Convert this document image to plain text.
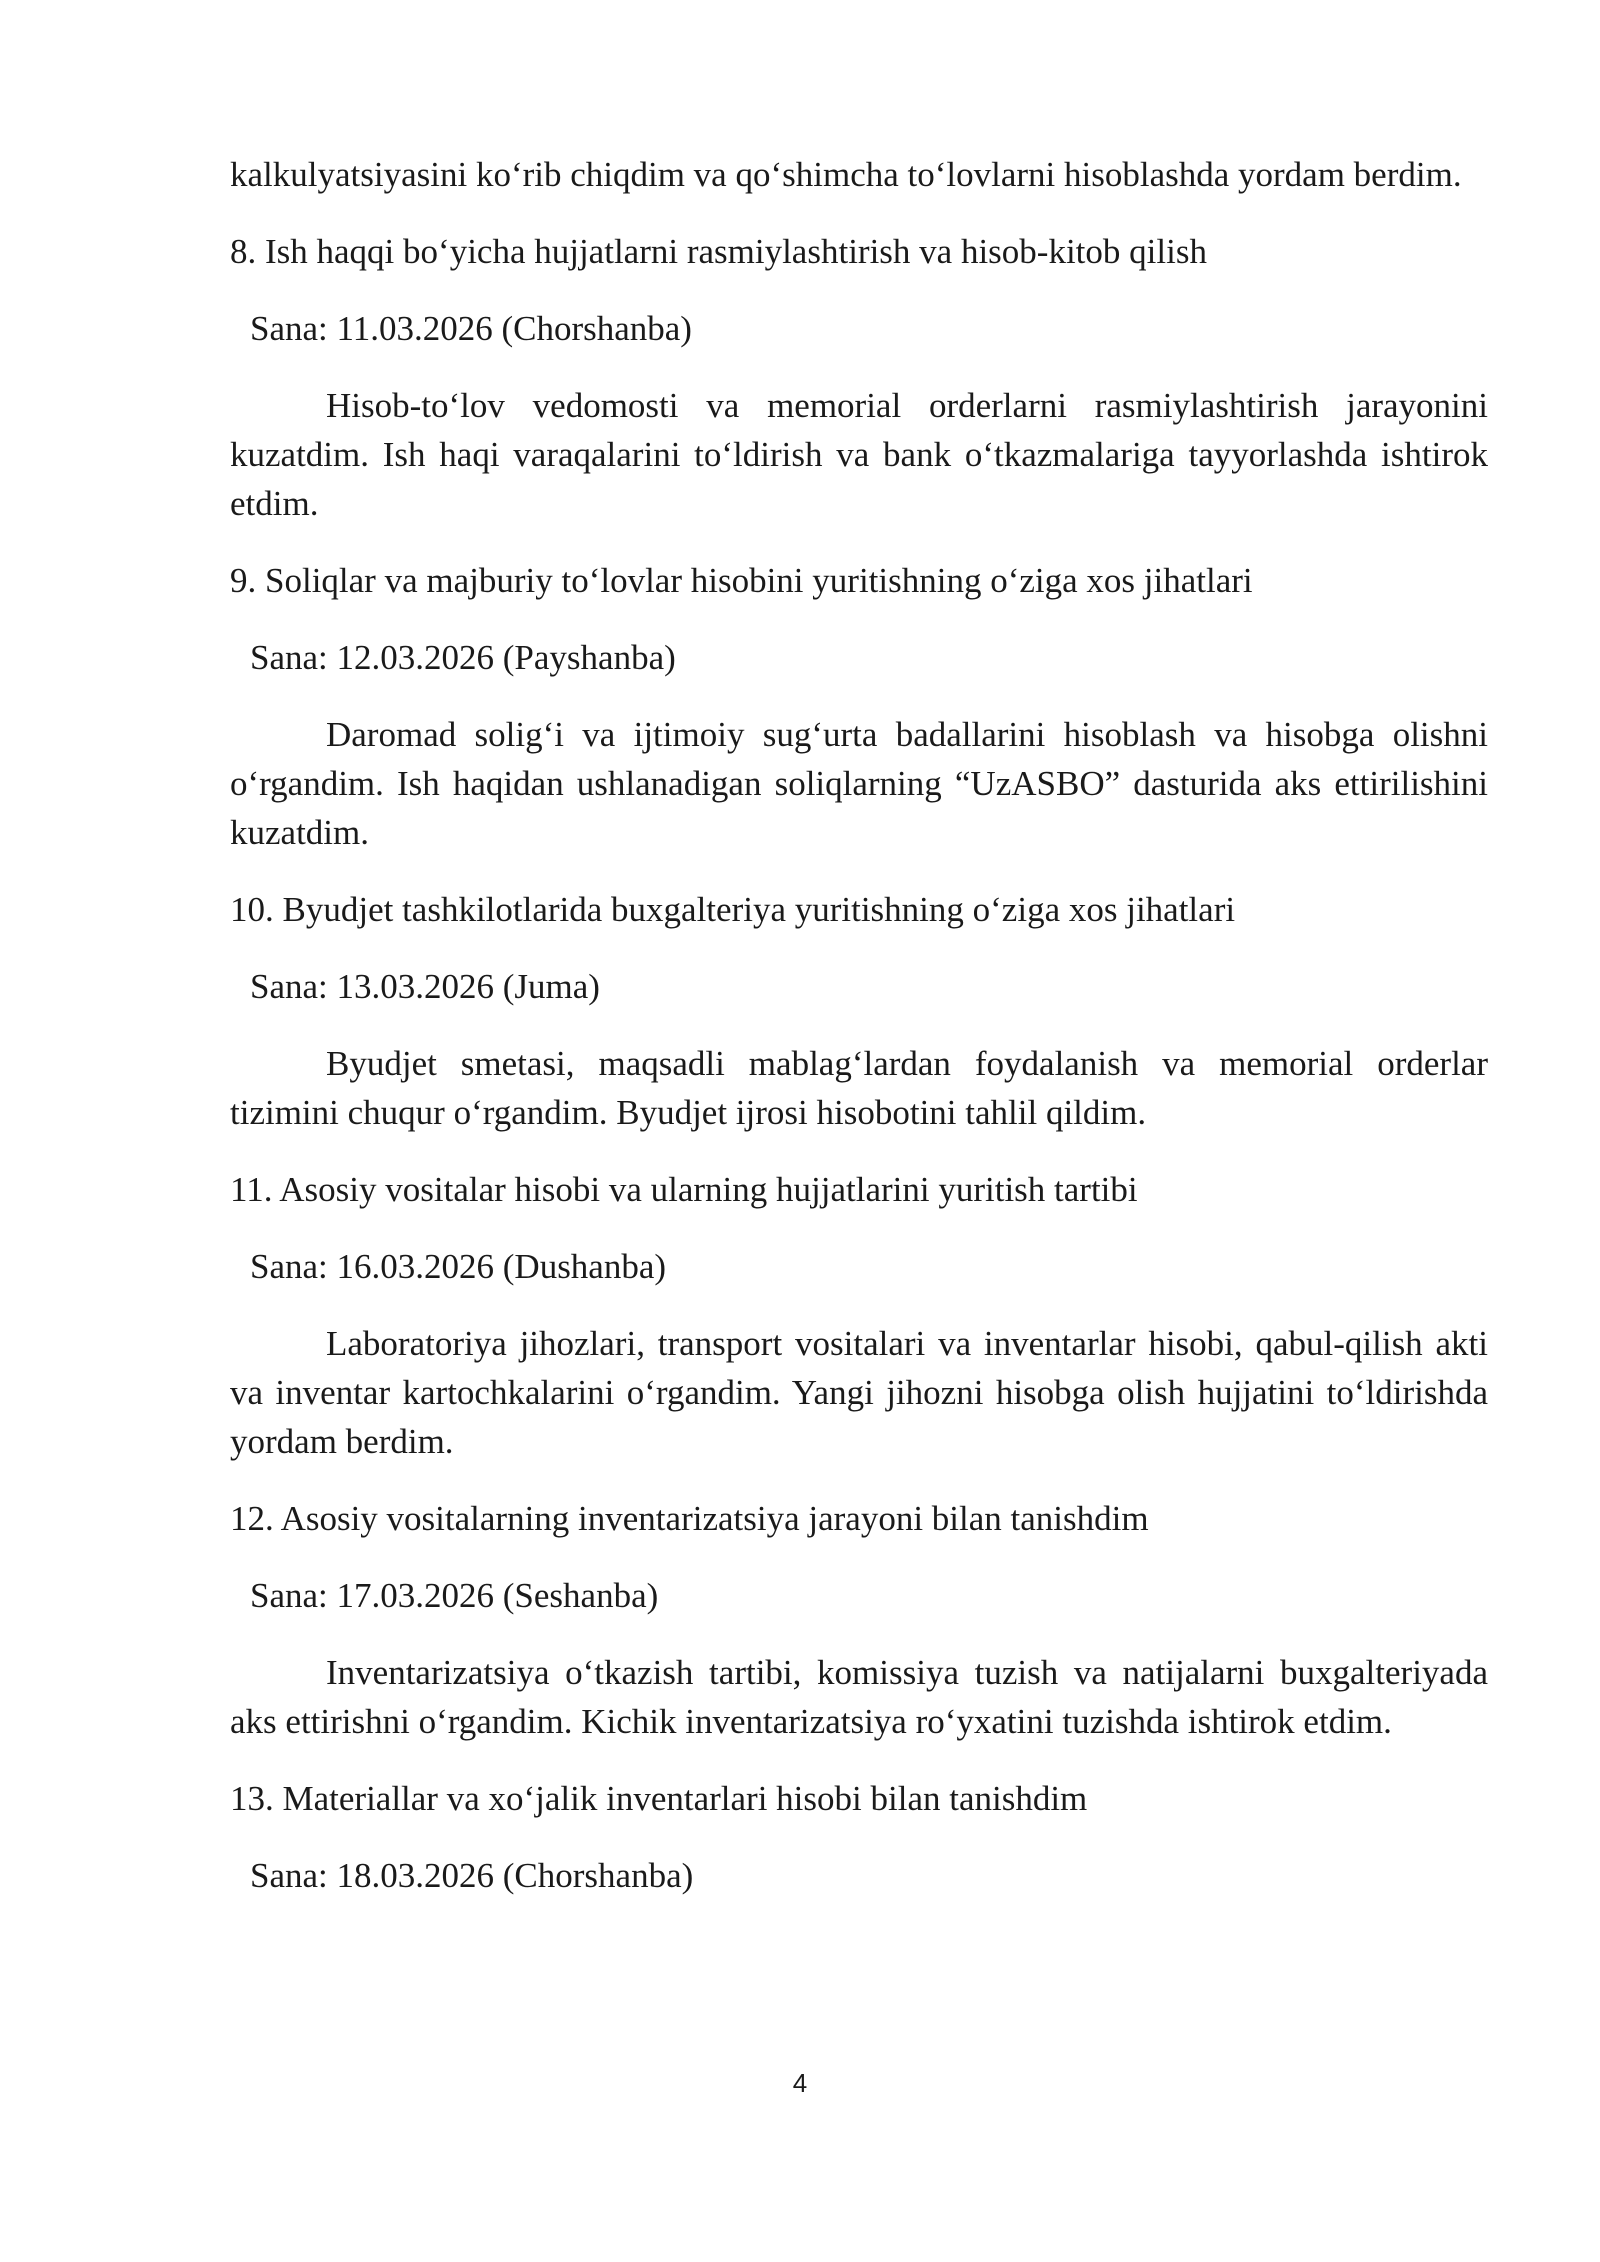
kalkulyatsiyasini ko‘rib chiqdim va qo‘shimcha to‘lovlarni hisoblashda yordam berdim.

8. Ish haqqi bo‘yicha hujjatlarni rasmiylashtirish va hisob-kitob qilish

Sana: 11.03.2026 (Chorshanba)

Hisob-to‘lov vedomosti va memorial orderlarni rasmiylashtirish jarayonini kuzatdim. Ish haqi varaqalarini to‘ldirish va bank o‘tkazmalariga tayyorlashda ishtirok etdim.

9. Soliqlar va majburiy to‘lovlar hisobini yuritishning o‘ziga xos jihatlari

Sana: 12.03.2026 (Payshanba)

Daromad solig‘i va ijtimoiy sug‘urta badallarini hisoblash va hisobga olishni o‘rgandim. Ish haqidan ushlanadigan soliqlarning “UzASBO” dasturida aks ettirilishini kuzatdim.

10. Byudjet tashkilotlarida buxgalteriya yuritishning o‘ziga xos jihatlari

Sana: 13.03.2026 (Juma)

Byudjet smetasi, maqsadli mablag‘lardan foydalanish va memorial orderlar tizimini chuqur o‘rgandim. Byudjet ijrosi hisobotini tahlil qildim.

11. Asosiy vositalar hisobi va ularning hujjatlarini yuritish tartibi

Sana: 16.03.2026 (Dushanba)

Laboratoriya jihozlari, transport vositalari va inventarlar hisobi, qabul-qilish akti va inventar kartochkalarini o‘rgandim. Yangi jihozni hisobga olish hujjatini to‘ldirishda yordam berdim.

12. Asosiy vositalarning inventarizatsiya jarayoni bilan tanishdim

Sana: 17.03.2026 (Seshanba)

Inventarizatsiya o‘tkazish tartibi, komissiya tuzish va natijalarni buxgalteriyada aks ettirishni o‘rgandim. Kichik inventarizatsiya ro‘yxatini tuzishda ishtirok etdim.

13. Materiallar va xo‘jalik inventarlari hisobi bilan tanishdim

Sana: 18.03.2026 (Chorshanba)

4
